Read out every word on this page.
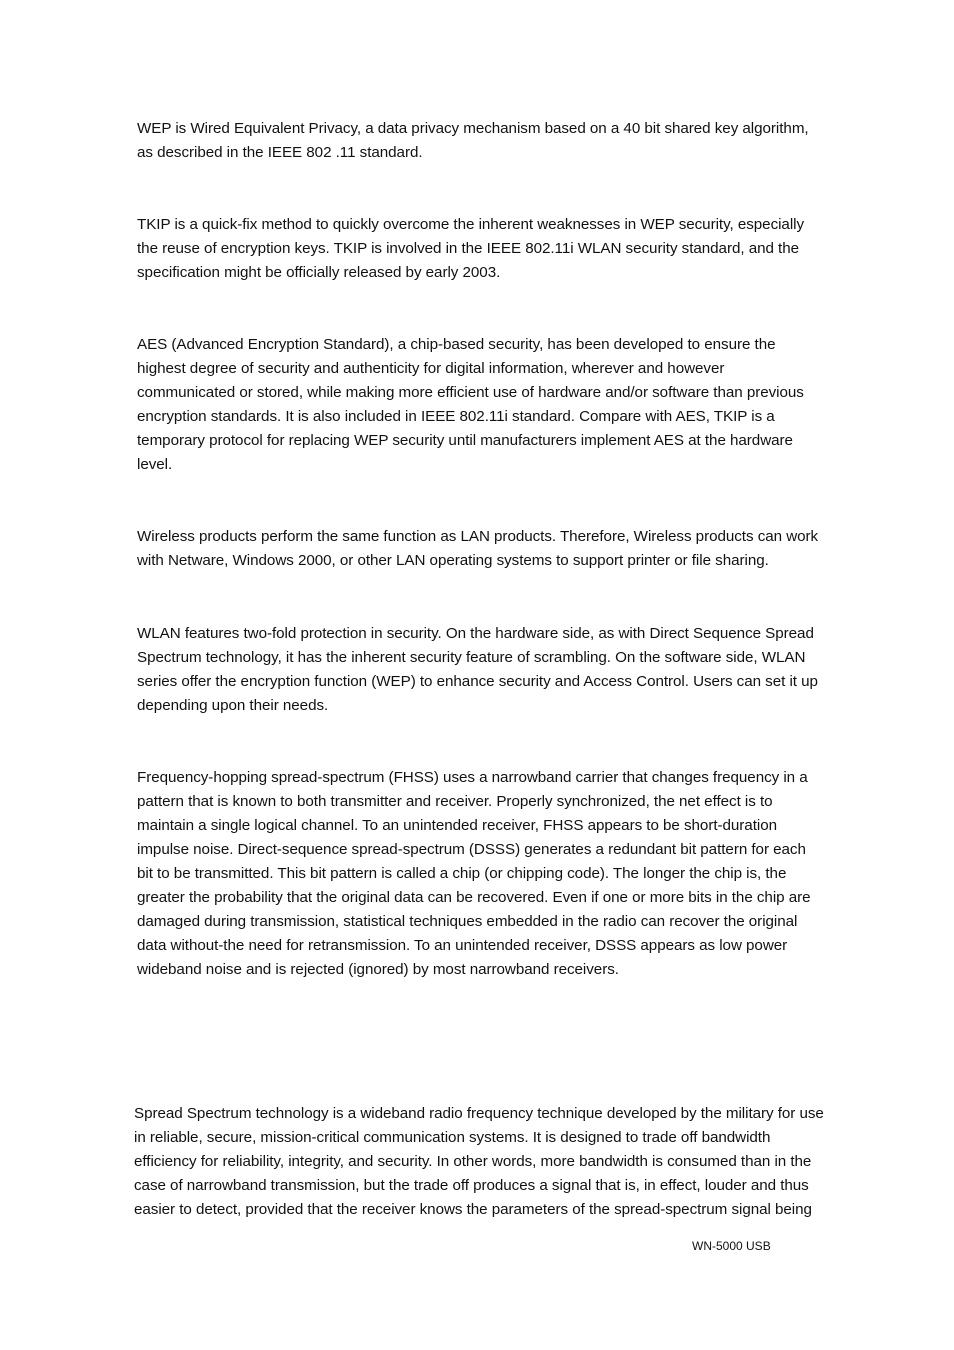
WEP is Wired Equivalent Privacy, a data privacy mechanism based on a 40 bit shared key algorithm,
as described in the IEEE 802 .11 standard.

TKIP is a quick-fix method to quickly overcome the inherent weaknesses in WEP security, especially
the reuse of encryption keys. TKIP is involved in the IEEE 802.11i WLAN security standard, and the
specification might be officially released by early 2003.

AES (Advanced Encryption Standard), a chip-based security, has been developed to ensure the
highest degree of security and authenticity for digital information, wherever and however
communicated or stored, while making more efficient use of hardware and/or software than previous
encryption standards. It is also included in IEEE 802.11i standard. Compare with AES, TKIP is a
temporary protocol for replacing WEP security until manufacturers implement AES at the hardware
level.

Wireless products perform the same function as LAN products. Therefore, Wireless products can work
with Netware, Windows 2000, or other LAN operating systems to support printer or file sharing.

WLAN features two-fold protection in security. On the hardware side, as with Direct Sequence Spread
Spectrum technology, it has the inherent security feature of scrambling. On the software side, WLAN
series offer the encryption function (WEP) to enhance security and Access Control. Users can set it up
depending upon their needs.

Frequency-hopping spread-spectrum (FHSS) uses a narrowband carrier that changes frequency in a
pattern that is known to both transmitter and receiver. Properly synchronized, the net effect is to
maintain a single logical channel. To an unintended receiver, FHSS appears to be short-duration
impulse noise. Direct-sequence spread-spectrum (DSSS) generates a redundant bit pattern for each
bit to be transmitted. This bit pattern is called a chip (or chipping code). The longer the chip is, the
greater the probability that the original data can be recovered. Even if one or more bits in the chip are
damaged during transmission, statistical techniques embedded in the radio can recover the original
data without-the need for retransmission. To an unintended receiver, DSSS appears as low power
wideband noise and is rejected (ignored) by most narrowband receivers.

Spread Spectrum technology is a wideband radio frequency technique developed by the military for use
in reliable, secure, mission-critical communication systems. It is designed to trade off bandwidth
efficiency for reliability, integrity, and security. In other words, more bandwidth is consumed than in the
case of narrowband transmission, but the trade off produces a signal that is, in effect, louder and thus
easier to detect, provided that the receiver knows the parameters of the spread-spectrum signal being

WN-5000 USB
